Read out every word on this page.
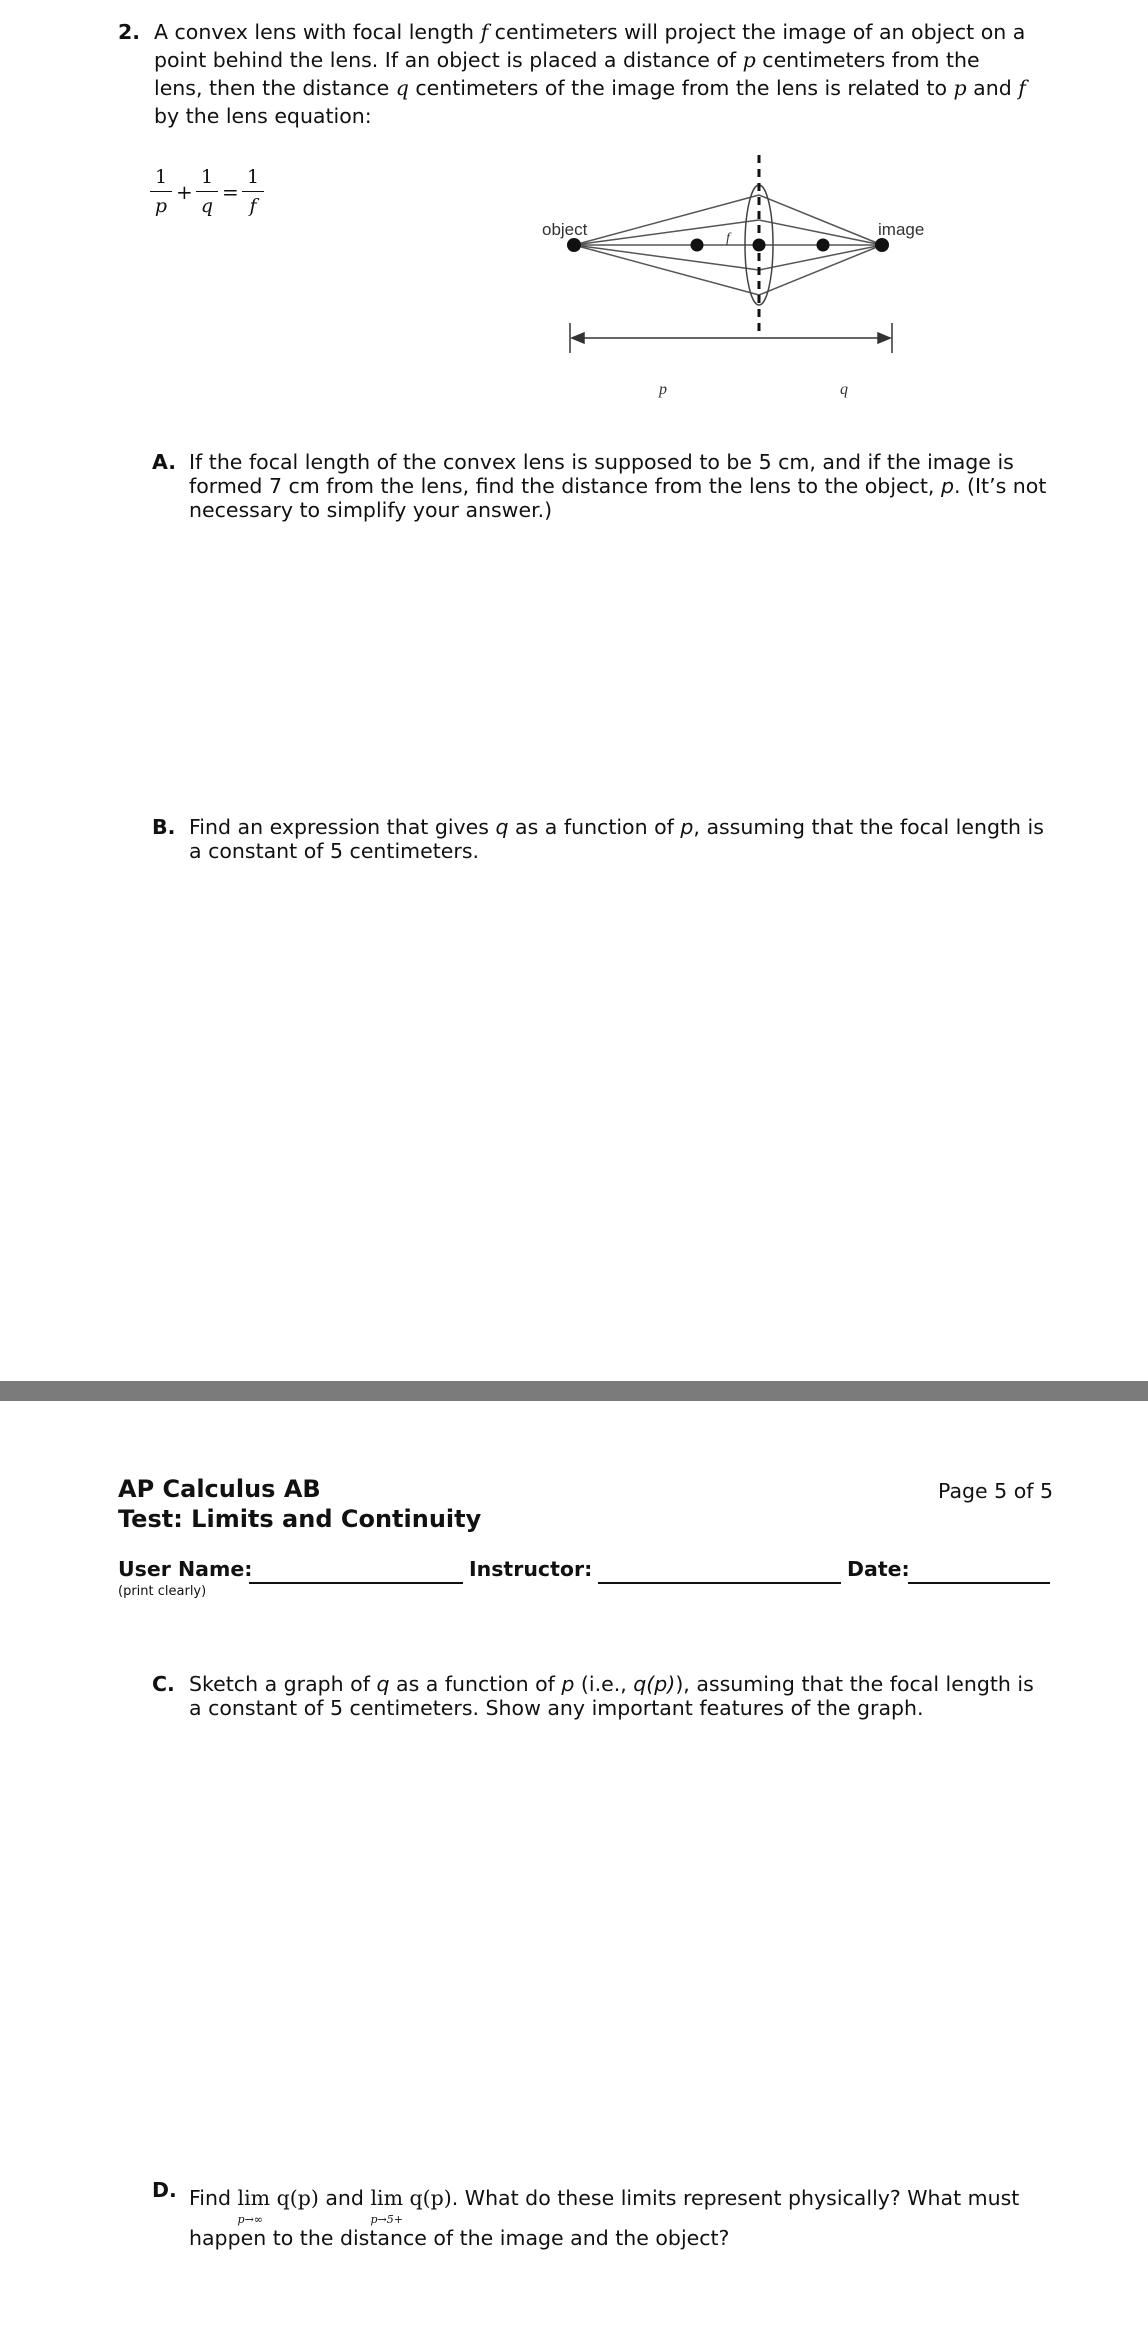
2. A convex lens with focal length f centimeters will project the image of an object on a point behind the lens. If an object is placed a distance of p centimeters from the lens, then the distance q centimeters of the image from the lens is related to p and f by the lens equation:
1
p
+
1
q
=
1
f
object	image
f
p	q
A. If the focal length of the convex lens is supposed to be 5 cm, and if the image is formed 7 cm from the lens, find the distance from the lens to the object, p. (It’s not necessary to simplify your answer.)
B. Find an expression that gives q as a function of p, assuming that the focal length is a constant of 5 centimeters.
AP Calculus AB
Test: Limits and Continuity
Page 5 of 5
User Name:	Instructor:	Date:
(print clearly)
C. Sketch a graph of q as a function of p (i.e., q(p)), assuming that the focal length is a constant of 5 centimeters. Show any important features of the graph.
D. Find lim q(p)
p→∞
and lim q(p)
p→5+
. What do these limits represent physically? What must happen to the distance of the image and the object?
